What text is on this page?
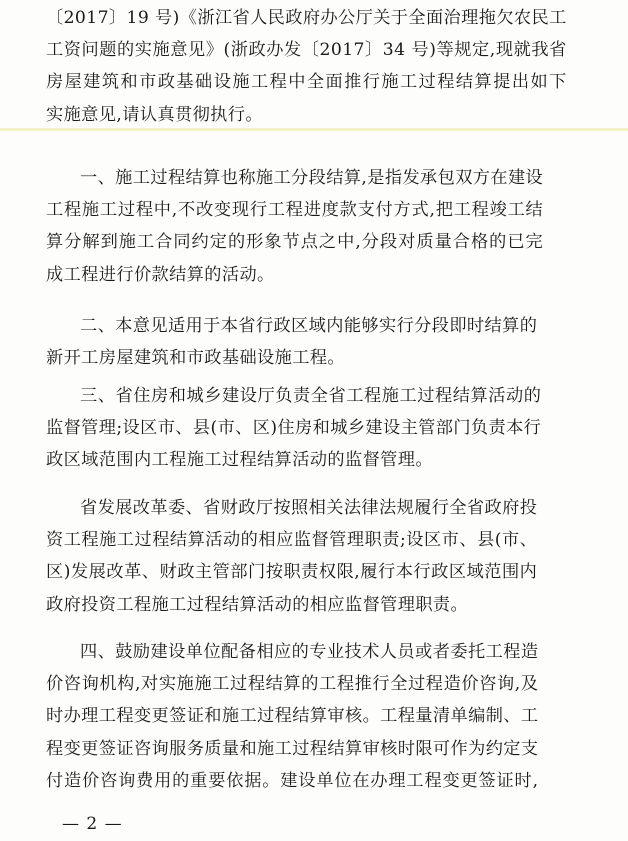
〔2017〕19 号)《浙江省人民政府办公厅关于全面治理拖欠农民工
工资问题的实施意见》(浙政办发〔2017〕34 号)等规定,现就我省
房屋建筑和市政基础设施工程中全面推行施工过程结算提出如下
实施意见,请认真贯彻执行。
一、施工过程结算也称施工分段结算,是指发承包双方在建设
工程施工过程中,不改变现行工程进度款支付方式,把工程竣工结
算分解到施工合同约定的形象节点之中,分段对质量合格的已完
成工程进行价款结算的活动。
二、本意见适用于本省行政区域内能够实行分段即时结算的
新开工房屋建筑和市政基础设施工程。
三、省住房和城乡建设厅负责全省工程施工过程结算活动的
监督管理;设区市、县(市、区)住房和城乡建设主管部门负责本行
政区域范围内工程施工过程结算活动的监督管理。
省发展改革委、省财政厅按照相关法律法规履行全省政府投
资工程施工过程结算活动的相应监督管理职责;设区市、县(市、
区)发展改革、财政主管部门按职责权限,履行本行政区域范围内
政府投资工程施工过程结算活动的相应监督管理职责。
四、鼓励建设单位配备相应的专业技术人员或者委托工程造
价咨询机构,对实施施工过程结算的工程推行全过程造价咨询,及
时办理工程变更签证和施工过程结算审核。工程量清单编制、工
程变更签证咨询服务质量和施工过程结算审核时限可作为约定支
付造价咨询费用的重要依据。建设单位在办理工程变更签证时,
— 2 —
